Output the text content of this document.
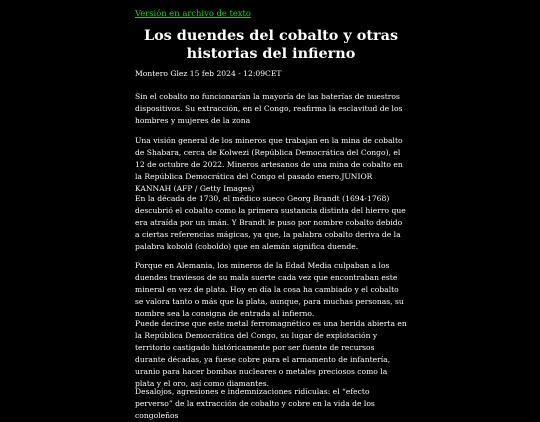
Versión en archivo de texto
Los duendes del cobalto y otras historias del infierno
Montero Glez 15 feb 2024 - 12:09CET

Sin el cobalto no funcionarían la mayoría de las baterías de nuestros dispositivos. Su extracción, en el Congo, reafirma la esclavitud de los hombres y mujeres de la zona

Una visión general de los mineros que trabajan en la mina de cobalto de Shabara, cerca de Kolwezi (República Democrática del Congo), el 12 de octubre de 2022. Mineros artesanos de una mina de cobalto en la República Democrática del Congo el pasado enero.JUNIOR KANNAH (AFP / Getty Images)

En la década de 1730, el médico sueco Georg Brandt (1694-1768) descubrió el cobalto como la primera sustancia distinta del hierro que era atraída por un imán. Y Brandt le puso por nombre cobalto debido a ciertas referencias mágicas, ya que, la palabra cobalto deriva de la palabra kobold (coboldo) que en alemán significa duende.

Porque en Alemania, los mineros de la Edad Media culpaban a los duendes traviesos de su mala suerte cada vez que encontraban este mineral en vez de plata. Hoy en día la cosa ha cambiado y el cobalto se valora tanto o más que la plata, aunque, para muchas personas, su nombre sea la consigna de entrada al infierno.

Puede decirse que este metal ferromagnético es una herida abierta en la República Democrática del Congo, su lugar de explotación y territorio castigado históricamente por ser fuente de recursos durante décadas, ya fuese cobre para el armamento de infantería, uranio para hacer bombas nucleares o metales preciosos como la plata y el oro, así como diamantes.

Desalojos, agresiones e indemnizaciones ridículas: el “efecto perverso” de la extracción de cobalto y cobre en la vida de los congoleños
